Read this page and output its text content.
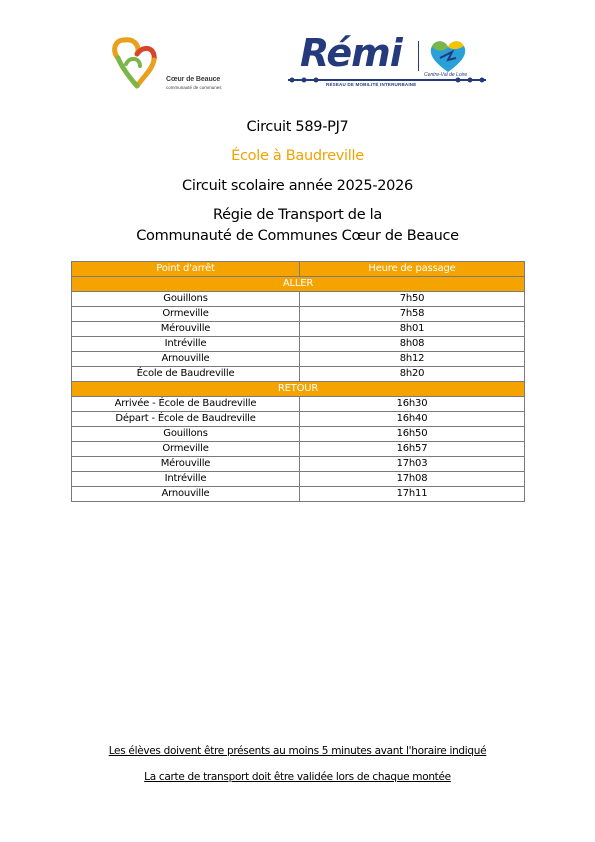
Cœur de Beauce
communauté de communes
Rémi	Centre-Val de Loire
RÉSEAU DE MOBILITÉ INTERURBAINE

Circuit 589-PJ7

École à Baudreville

Circuit scolaire année 2025-2026

Régie de Transport de la

Communauté de Communes Cœur de Beauce

Point d'arrêt	Heure de passage
ALLER	
Gouillons	7h50
Ormeville	7h58
Mérouville	8h01
Intréville	8h08
Arnouville	8h12
École de Baudreville	8h20
RETOUR	
Arrivée - École de Baudreville	16h30
Départ - École de Baudreville	16h40
Gouillons	16h50
Ormeville	16h57
Mérouville	17h03
Intréville	17h08
Arnouville	17h11

Les élèves doivent être présents au moins 5 minutes avant l'horaire indiqué

La carte de transport doit être validée lors de chaque montée
